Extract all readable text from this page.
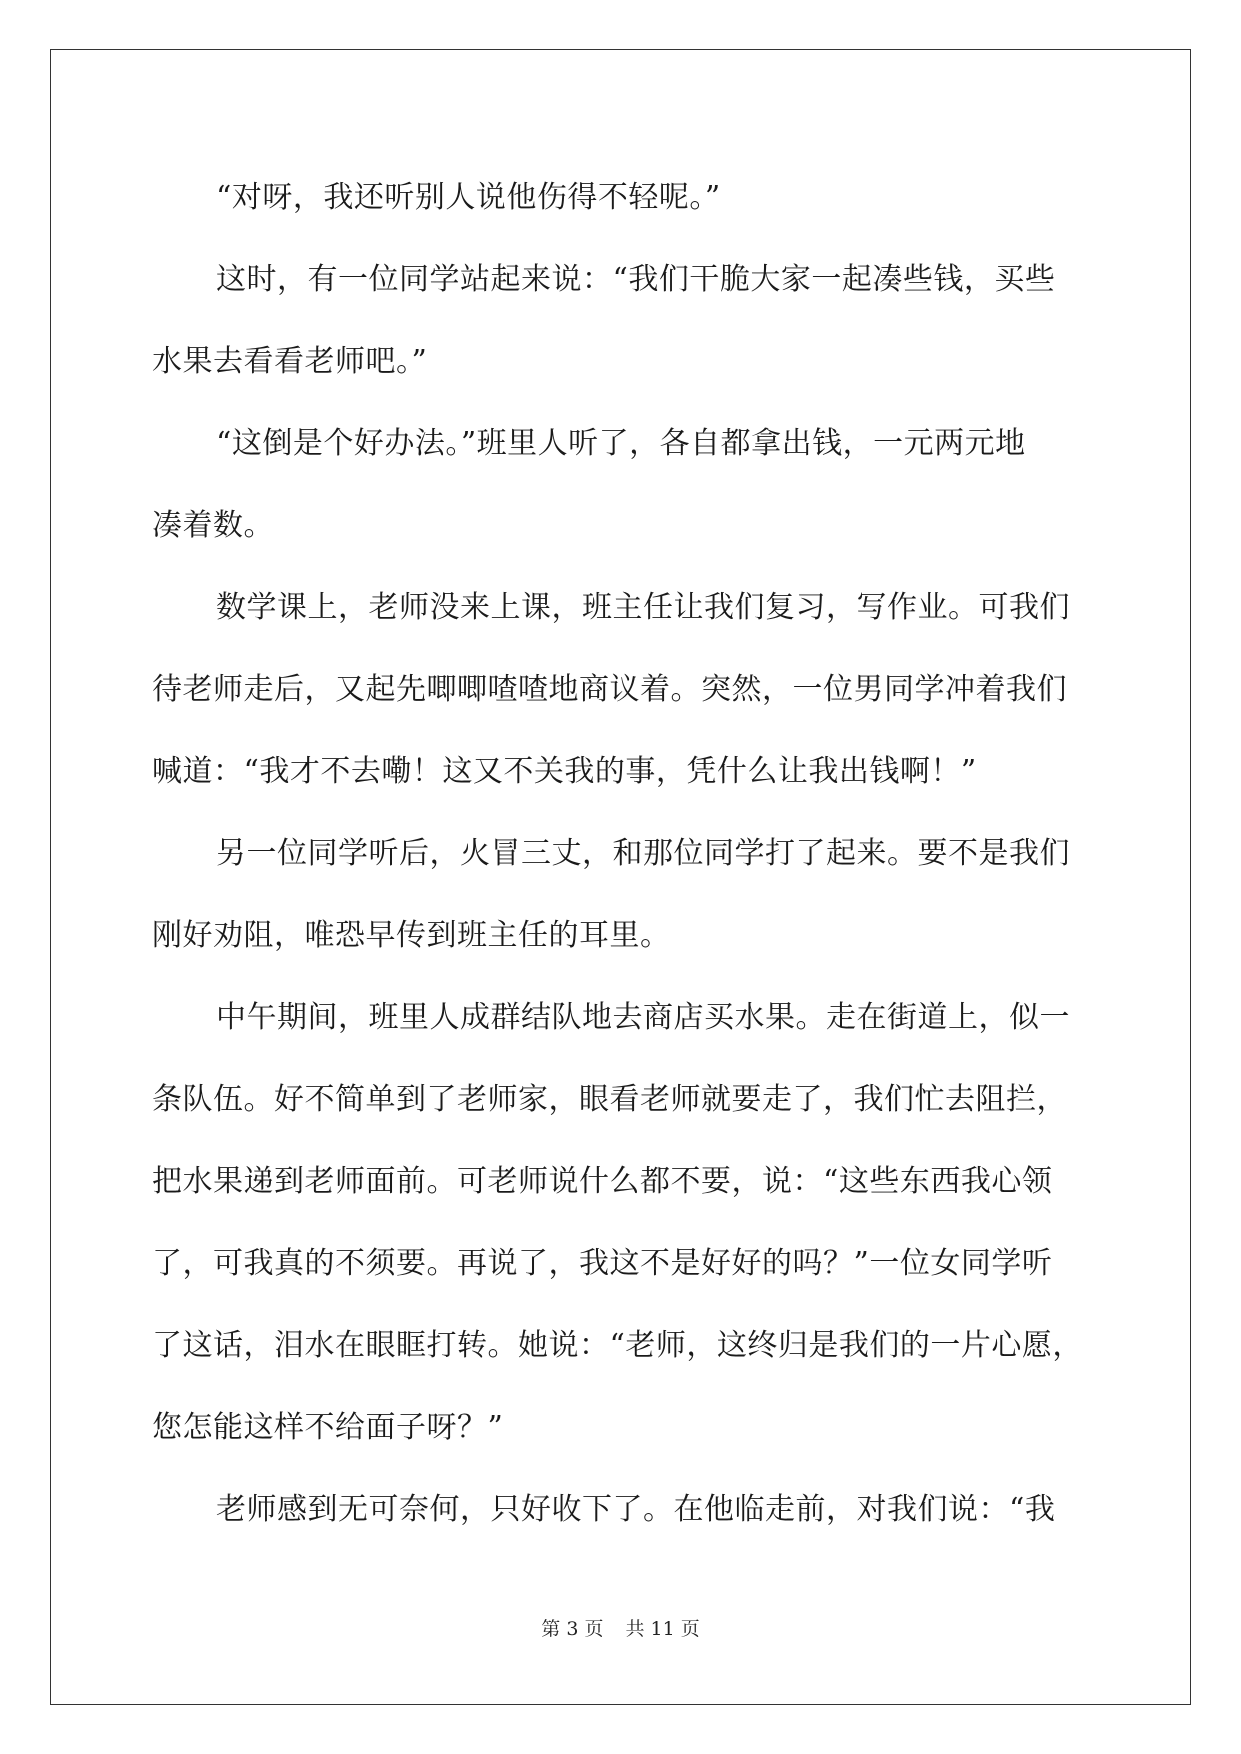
“对呀，我还听别人说他伤得不轻呢。”
这时，有一位同学站起来说：“我们干脆大家一起凑些钱，买些
水果去看看老师吧。”
“这倒是个好办法。”班里人听了，各自都拿出钱，一元两元地
凑着数。
数学课上，老师没来上课，班主任让我们复习，写作业。可我们
待老师走后，又起先唧唧喳喳地商议着。突然，一位男同学冲着我们
喊道：“我才不去嘞！这又不关我的事，凭什么让我出钱啊！”
另一位同学听后，火冒三丈，和那位同学打了起来。要不是我们
刚好劝阻，唯恐早传到班主任的耳里。
中午期间，班里人成群结队地去商店买水果。走在街道上，似一
条队伍。好不简单到了老师家，眼看老师就要走了，我们忙去阻拦，
把水果递到老师面前。可老师说什么都不要，说：“这些东西我心领
了，可我真的不须要。再说了，我这不是好好的吗？”一位女同学听
了这话，泪水在眼眶打转。她说：“老师，这终归是我们的一片心愿，
您怎能这样不给面子呀？”
老师感到无可奈何，只好收下了。在他临走前，对我们说：“我
第 3 页 共 11 页
